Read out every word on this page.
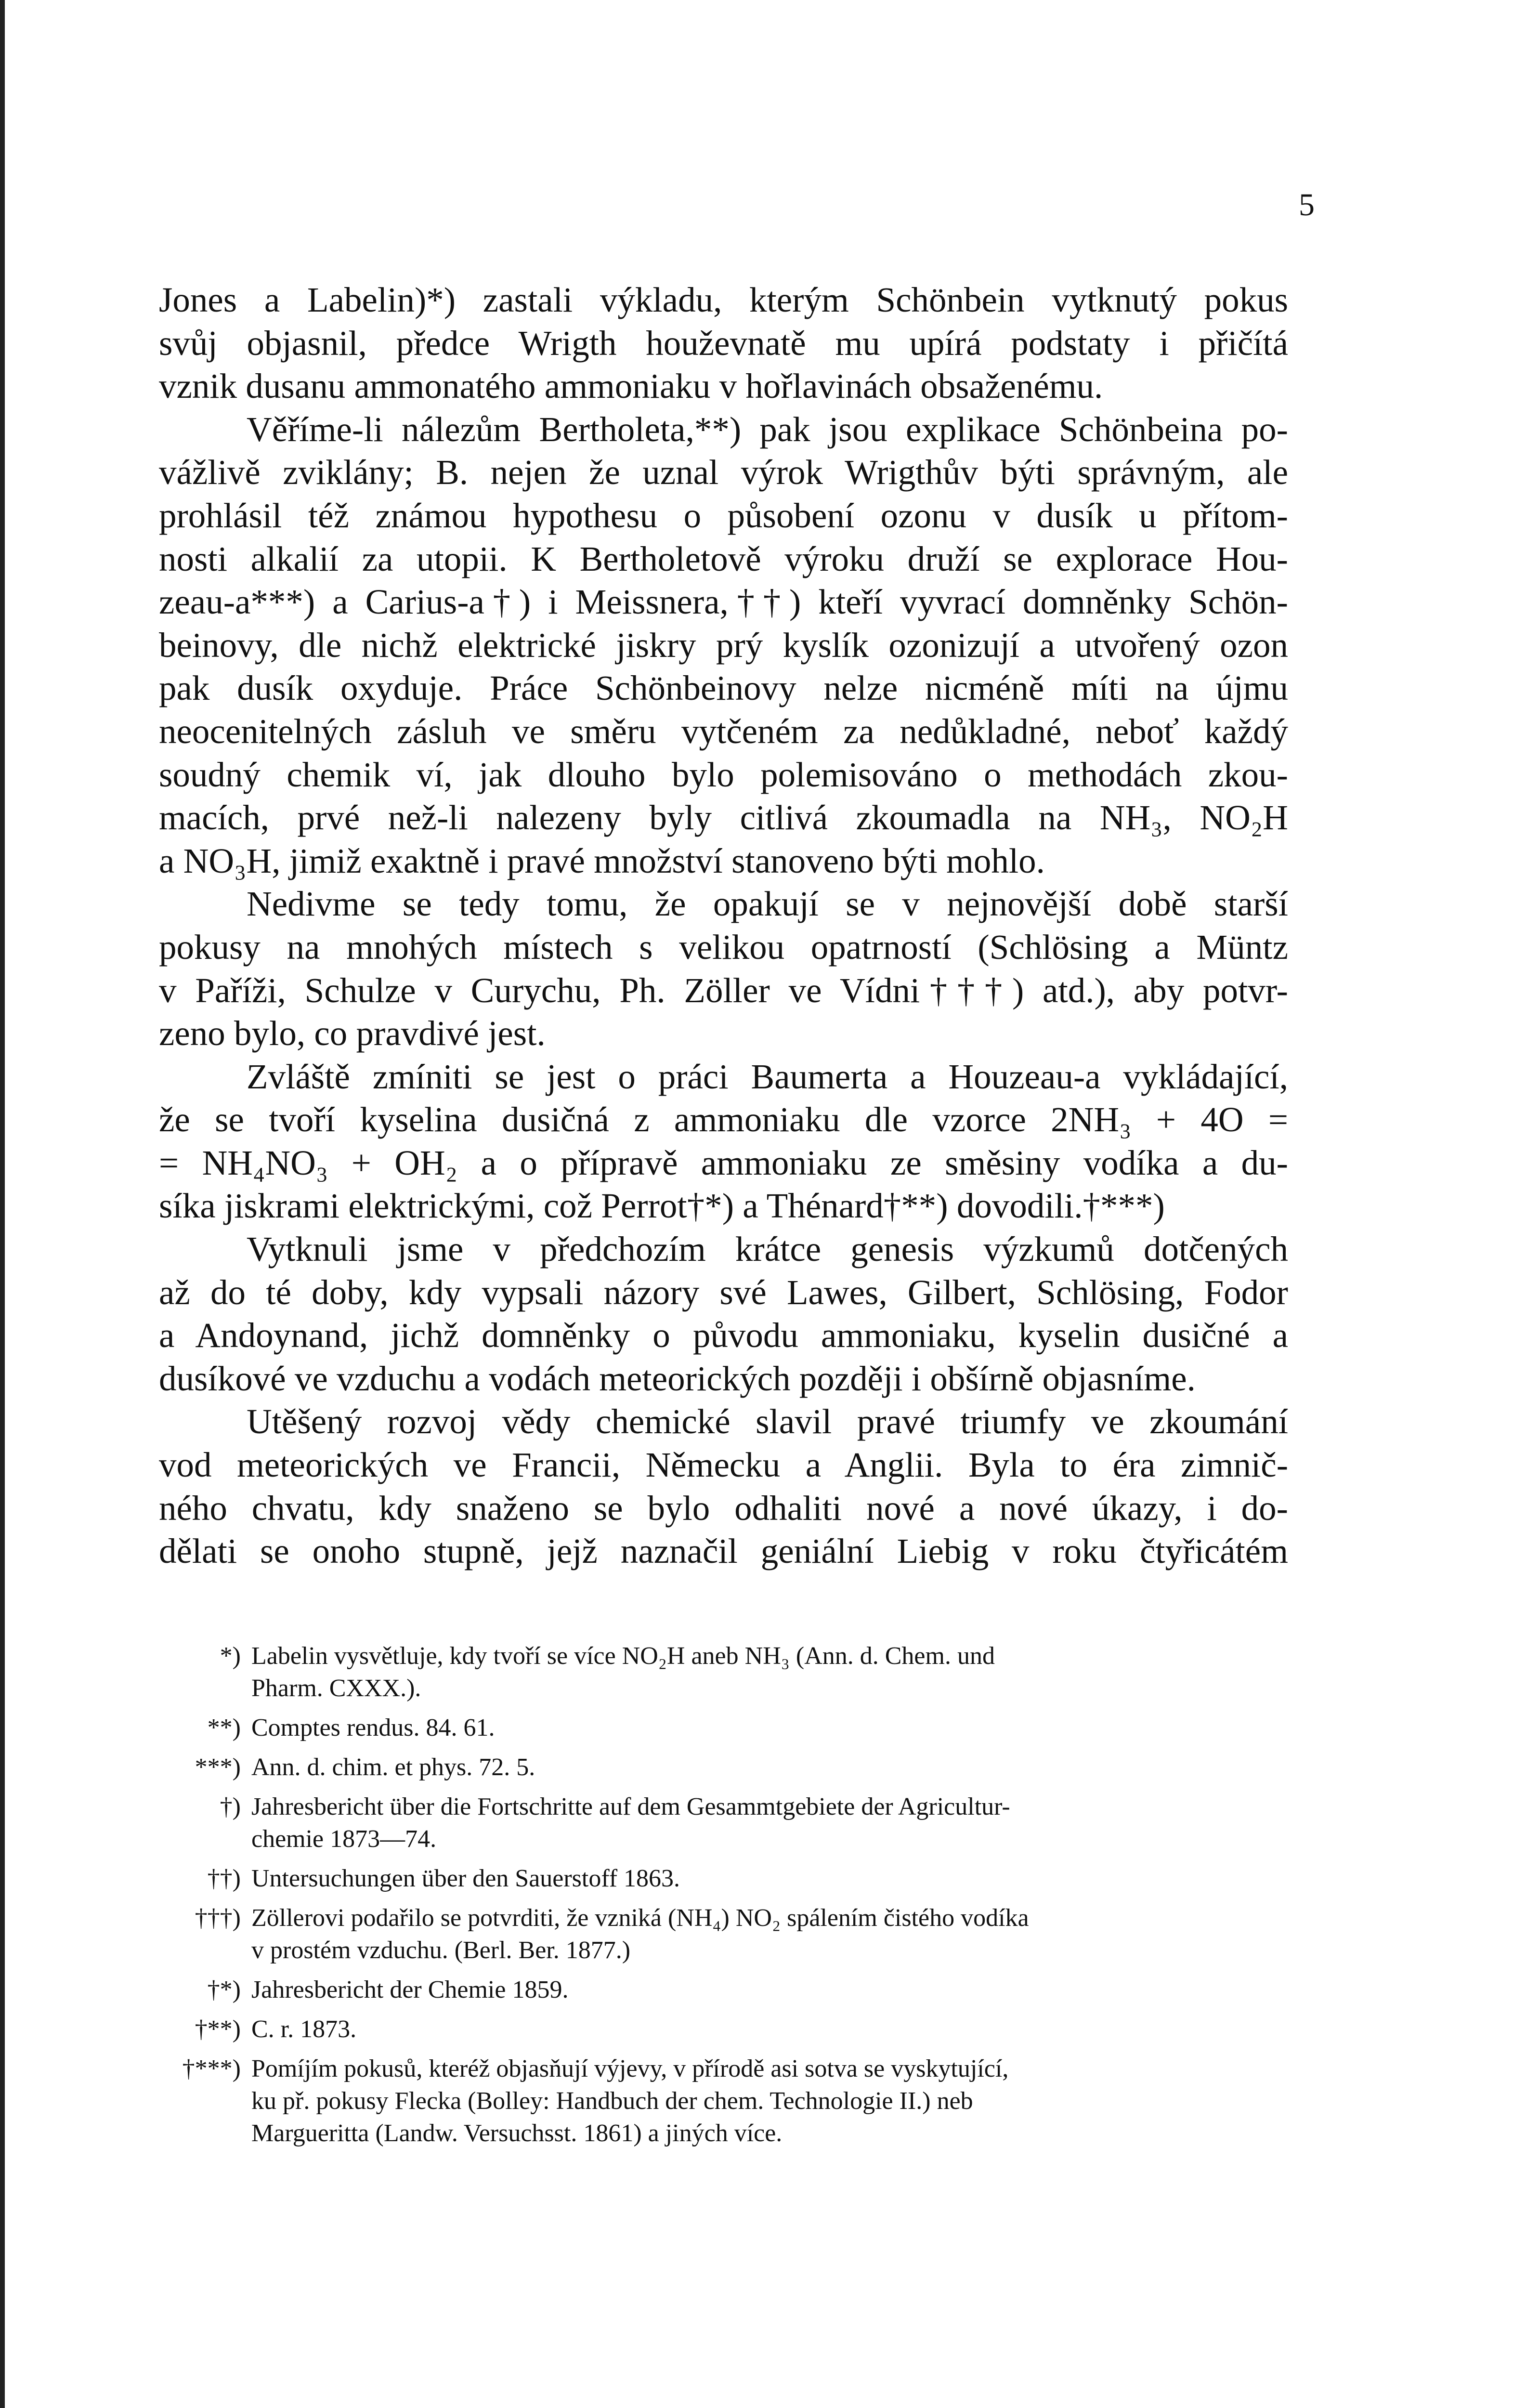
5

Jones a Labelin)*) zastali výkladu, kterým Schönbein vytknutý pokus
svůj objasnil, předce Wrigth houževnatě mu upírá podstaty i přičítá
vznik dusanu ammonatého ammoniaku v hořlavinách obsaženému.

Věříme-li nálezům Bertholeta,**) pak jsou explikace Schönbeina po-
vážlivě zviklány; B. nejen že uznal výrok Wrigthův býti správným, ale
prohlásil též známou hypothesu o působení ozonu v dusík u přítom-
nosti alkalií za utopii. K Bertholetově výroku druží se explorace Hou-
zeau-a***) a Carius-a†) i Meissnera,††) kteří vyvrací domněnky Schön-
beinovy, dle nichž elektrické jiskry prý kyslík ozonizují a utvořený ozon
pak dusík oxyduje. Práce Schönbeinovy nelze nicméně míti na újmu
neocenitelných zásluh ve směru vytčeném za nedůkladné, neboť každý
soudný chemik ví, jak dlouho bylo polemisováno o methodách zkou-
macích, prvé než-li nalezeny byly citlivá zkoumadla na NH₃, NO₂H
a NO₃H, jimiž exaktně i pravé množství stanoveno býti mohlo.

Nedivme se tedy tomu, že opakují se v nejnovější době starší
pokusy na mnohých místech s velikou opatrností (Schlösing a Müntz
v Paříži, Schulze v Curychu, Ph. Zöller ve Vídni†††) atd.), aby potvr-
zeno bylo, co pravdivé jest.

Zvláště zmíniti se jest o práci Baumerta a Houzeau-a vykládající,
že se tvoří kyselina dusičná z ammoniaku dle vzorce 2NH₃ + 4O =
= NH₄NO₃ + OH₂ a o přípravě ammoniaku ze směsiny vodíka a du-
síka jiskrami elektrickými, což Perrot†*) a Thénard†**) dovodili.†***)

Vytknuli jsme v předchozím krátce genesis výzkumů dotčených
až do té doby, kdy vypsali názory své Lawes, Gilbert, Schlösing, Fodor
a Andoynand, jichž domněnky o původu ammoniaku, kyselin dusičné a
dusíkové ve vzduchu a vodách meteorických později i obšírně objasníme.

Utěšený rozvoj vědy chemické slavil pravé triumfy ve zkoumání
vod meteorických ve Francii, Německu a Anglii. Byla to éra zimnič-
ného chvatu, kdy snaženo se bylo odhaliti nové a nové úkazy, i do-
dělati se onoho stupně, jejž naznačil geniální Liebig v roku čtyřicátém

*) Labelin vysvětluje, kdy tvoří se více NO₂H aneb NH₃ (Ann. d. Chem. und
Pharm. CXXX.).
**) Comptes rendus. 84. 61.
***) Ann. d. chim. et phys. 72. 5.
†) Jahresbericht über die Fortschritte auf dem Gesammtgebiete der Agricultur-
chemie 1873—74.
††) Untersuchungen über den Sauerstoff 1863.
†††) Zöllerovi podařilo se potvrditi, že vzniká (NH₄) NO₂ spálením čistého vodíka
v prostém vzduchu. (Berl. Ber. 1877.)
†*) Jahresbericht der Chemie 1859.
†**) C. r. 1873.
†***) Pomíjím pokusů, kteréž objasňují výjevy, v přírodě asi sotva se vyskytující,
ku př. pokusy Flecka (Bolley: Handbuch der chem. Technologie II.) neb
Marguerittа (Landw. Versuchsst. 1861) a jiných více.
